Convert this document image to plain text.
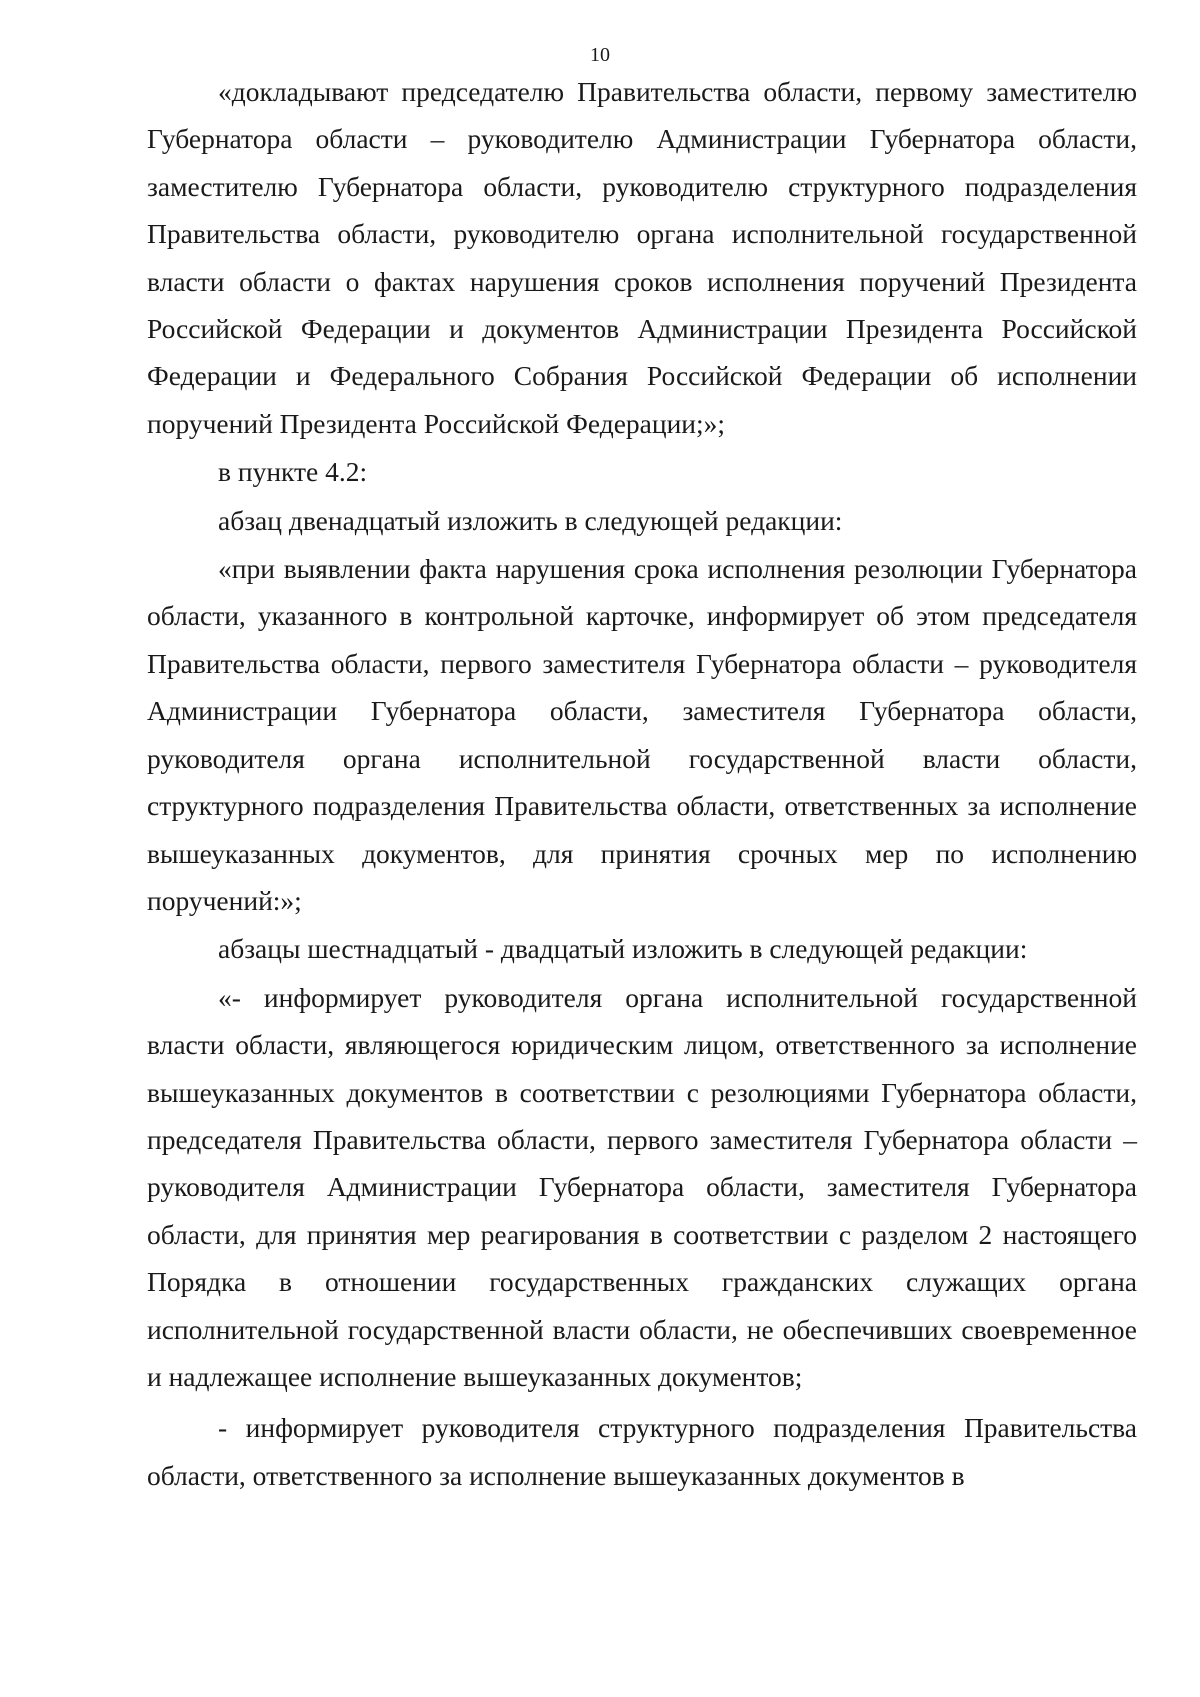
10

«докладывают председателю Правительства области, первому заместителю Губернатора области – руководителю Администрации Губернатора области, заместителю Губернатора области, руководителю структурного подразделения Правительства области, руководителю органа исполнительной государственной власти области о фактах нарушения сроков исполнения поручений Президента Российской Федерации и документов Администрации Президента Российской Федерации и Федерального Собрания Российской Федерации об исполнении поручений Президента Российской Федерации;»;

в пункте 4.2:

абзац двенадцатый изложить в следующей редакции:

«при выявлении факта нарушения срока исполнения резолюции Губернатора области, указанного в контрольной карточке, информирует об этом председателя Правительства области, первого заместителя Губернатора области – руководителя Администрации Губернатора области, заместителя Губернатора области, руководителя органа исполнительной государственной власти области, структурного подразделения Правительства области, ответственных за исполнение вышеуказанных документов, для принятия срочных мер по исполнению поручений:»;

абзацы шестнадцатый - двадцатый изложить в следующей редакции:

«- информирует руководителя органа исполнительной государственной власти области, являющегося юридическим лицом, ответственного за исполнение вышеуказанных документов в соответствии с резолюциями Губернатора области, председателя Правительства области, первого заместителя Губернатора области – руководителя Администрации Губернатора области, заместителя Губернатора области, для принятия мер реагирования в соответствии с разделом 2 настоящего Порядка в отношении государственных гражданских служащих органа исполнительной государственной власти области, не обеспечивших своевременное и надлежащее исполнение вышеуказанных документов;

- информирует руководителя структурного подразделения Правительства области, ответственного за исполнение вышеуказанных документов в
